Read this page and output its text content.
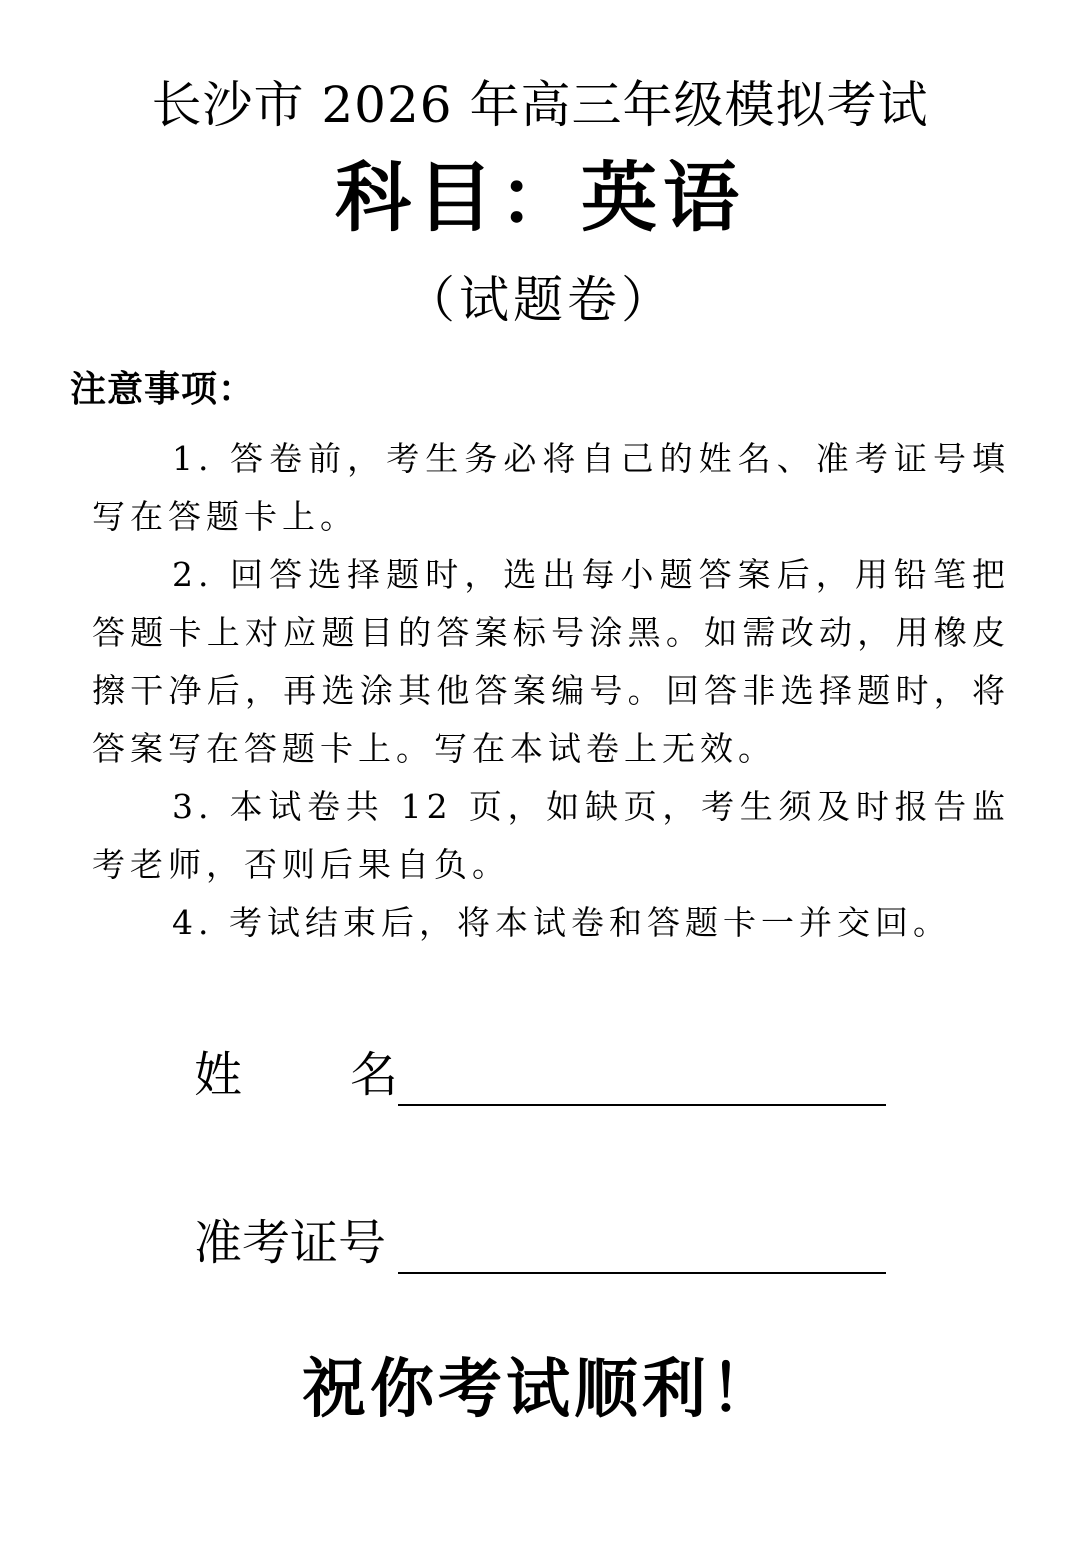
长沙市 2026 年高三年级模拟考试
科目：英语
（试题卷）
注意事项：
1. 答卷前，考生务必将自己的姓名、准考证号填写在答题卡上。
2. 回答选择题时，选出每小题答案后，用铅笔把答题卡上对应题目的答案标号涂黑。如需改动，用橡皮擦干净后，再选涂其他答案编号。回答非选择题时，将答案写在答题卡上。写在本试卷上无效。
3. 本试卷共 12 页，如缺页，考生须及时报告监考老师，否则后果自负。
4. 考试结束后，将本试卷和答题卡一并交回。
姓名
准考证号
祝你考试顺利！
